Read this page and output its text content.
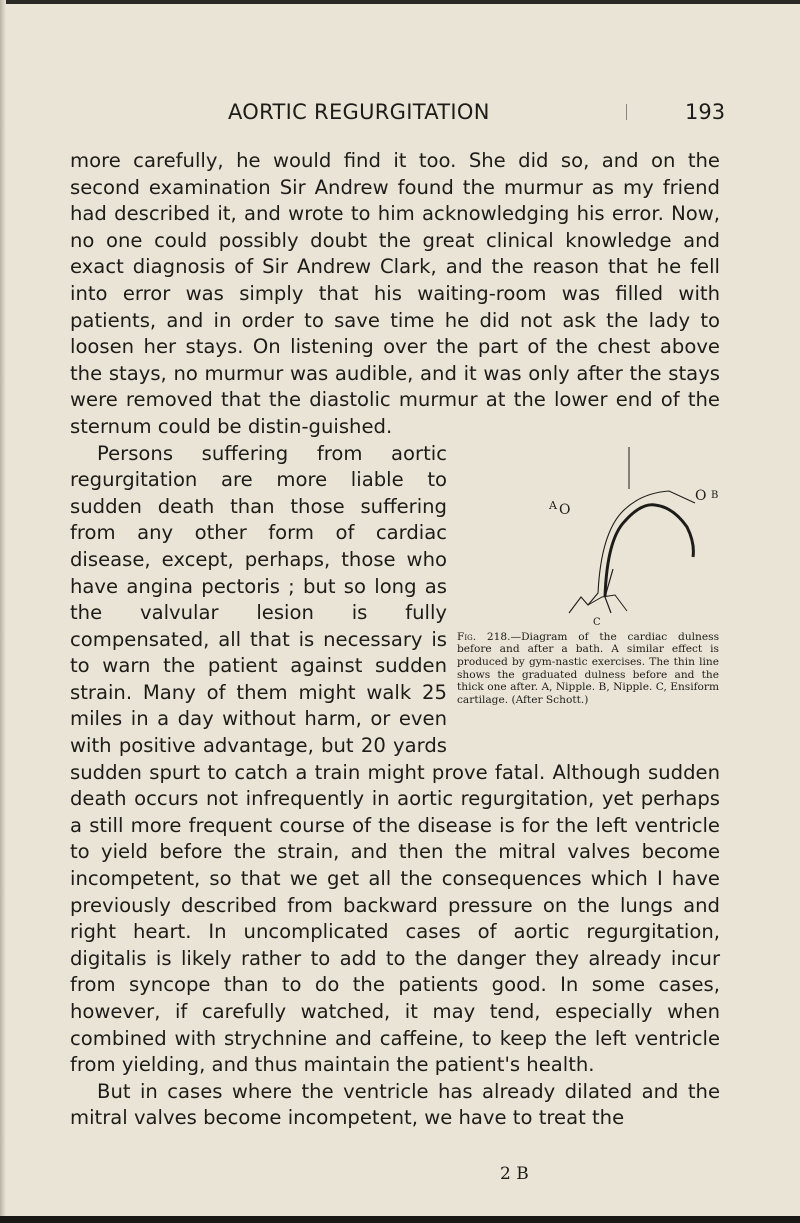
AORTIC REGURGITATION	193

more carefully, he would find it too. She did so, and on the second examination Sir Andrew found the murmur as my friend had described it, and wrote to him acknowledging his error. Now, no one could possibly doubt the great clinical knowledge and exact diagnosis of Sir Andrew Clark, and the reason that he fell into error was simply that his waiting-room was filled with patients, and in order to save time he did not ask the lady to loosen her stays. On listening over the part of the chest above the stays, no murmur was audible, and it was only after the stays were removed that the diastolic murmur at the lower end of the sternum could be distin-guished.

A O
O B
C
Fig. 218.—Diagram of the cardiac dulness before and after a bath. A similar effect is produced by gym-nastic exercises. The thin line shows the graduated dulness before and the thick one after. A, Nipple. B, Nipple. C, Ensiform cartilage. (After Schott.)
Persons suffering from aortic regurgitation are more liable to sudden death than those suffering from any other form of cardiac disease, except, perhaps, those who have angina pectoris ; but so long as the valvular lesion is fully compensated, all that is necessary is to warn the patient against sudden strain. Many of them might walk 25 miles in a day without harm, or even with positive advantage, but 20 yards sudden spurt to catch a train might prove fatal. Although sudden death occurs not infrequently in aortic regurgitation, yet perhaps a still more frequent course of the disease is for the left ventricle to yield before the strain, and then the mitral valves become incompetent, so that we get all the consequences which I have previously described from backward pressure on the lungs and right heart. In uncomplicated cases of aortic regurgitation, digitalis is likely rather to add to the danger they already incur from syncope than to do the patients good. In some cases, however, if carefully watched, it may tend, especially when combined with strychnine and caffeine, to keep the left ventricle from yielding, and thus maintain the patient's health.

But in cases where the ventricle has already dilated and the mitral valves become incompetent, we have to treat the

2 B
